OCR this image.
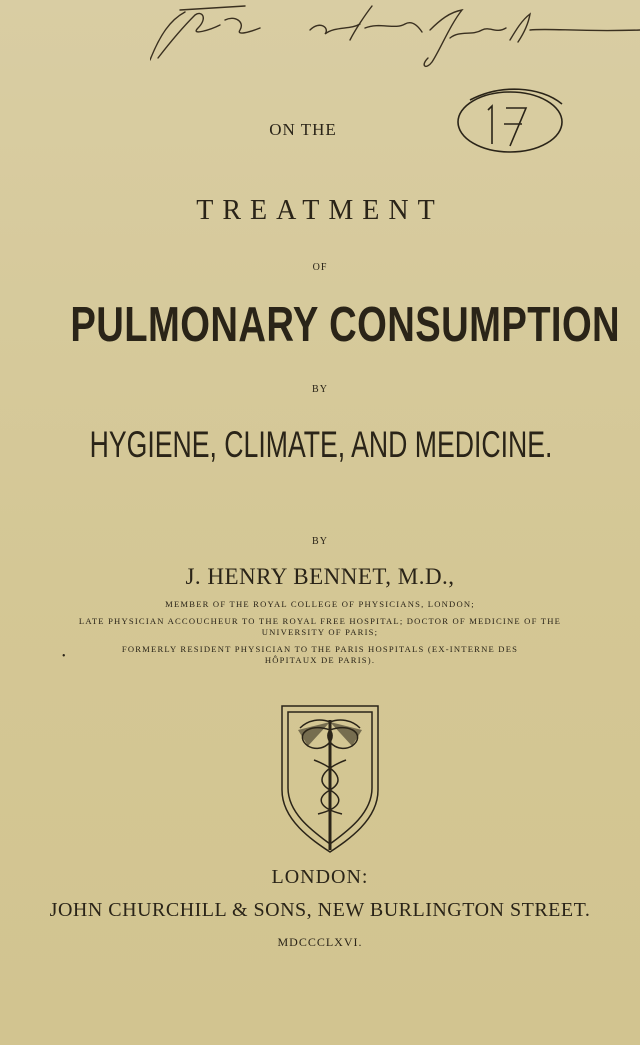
ON THE
TREATMENT
OF
PULMONARY CONSUMPTION
BY
HYGIENE, CLIMATE, AND MEDICINE.
BY
J. HENRY BENNET, M.D.,
MEMBER OF THE ROYAL COLLEGE OF PHYSICIANS, LONDON;
LATE PHYSICIAN ACCOUCHEUR TO THE ROYAL FREE HOSPITAL; DOCTOR OF MEDICINE OF THE
UNIVERSITY OF PARIS;
FORMERLY RESIDENT PHYSICIAN TO THE PARIS HOSPITALS (EX-INTERNE DES
HÔPITAUX DE PARIS).
LONDON:
JOHN CHURCHILL & SONS, NEW BURLINGTON STREET.
MDCCCLXVI.
•
